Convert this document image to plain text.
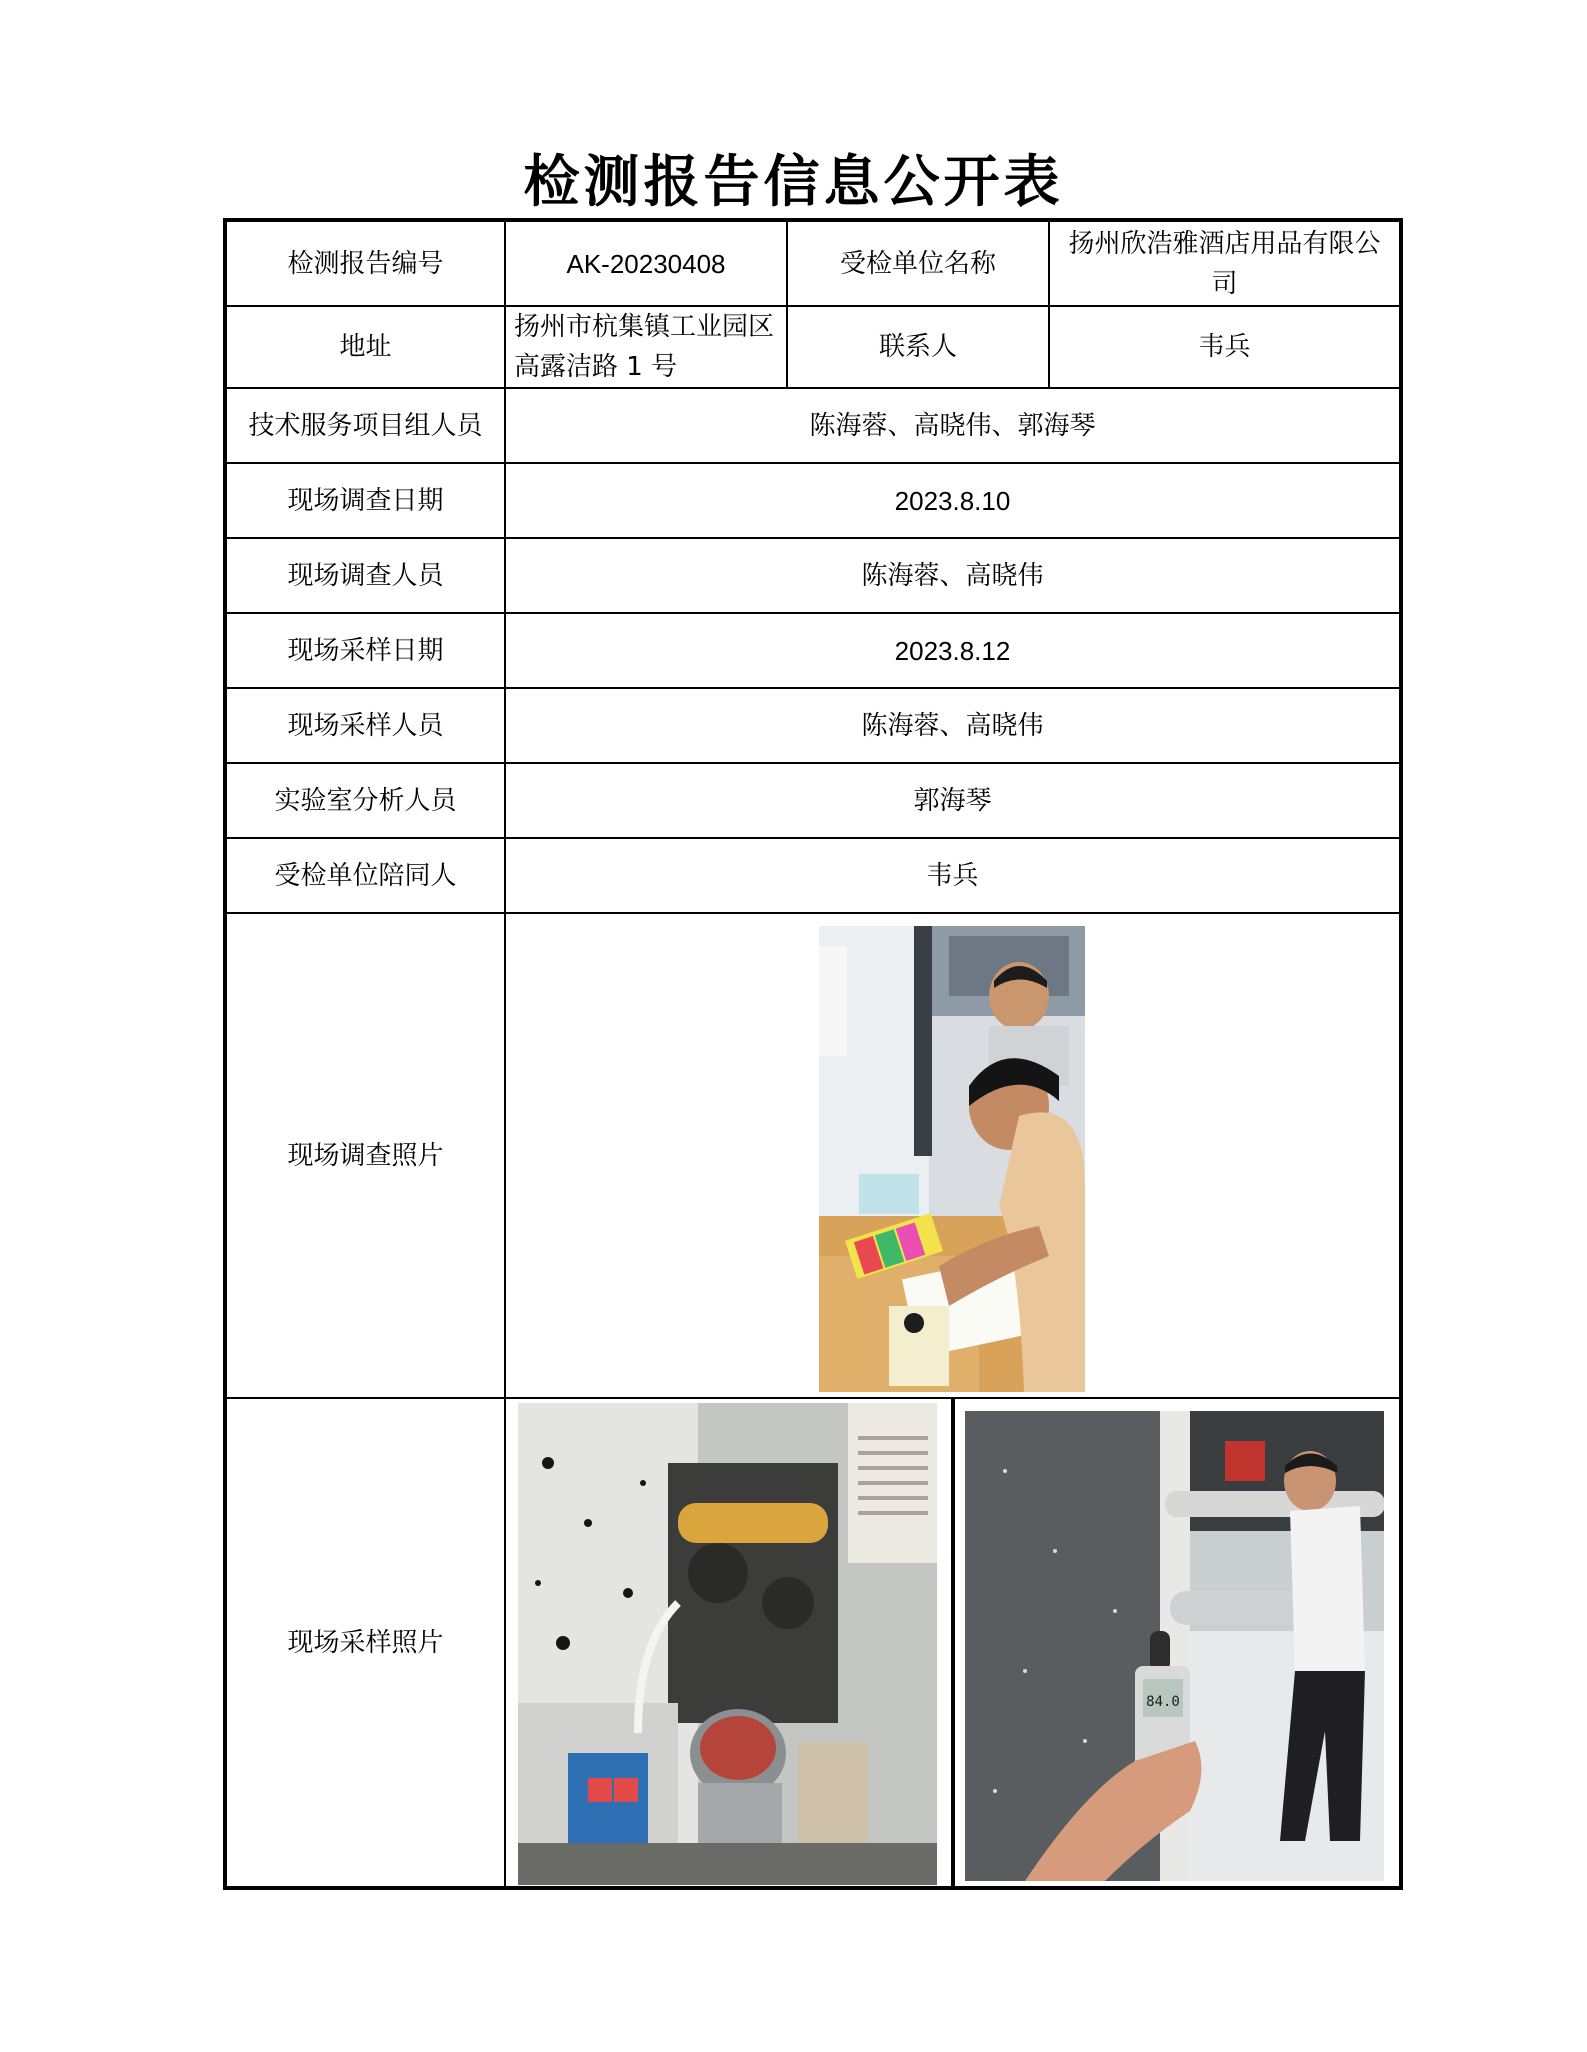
检测报告信息公开表
检测报告编号	AK-20230408	受检单位名称	扬州欣浩雅酒店用品有限公司
地址	扬州市杭集镇工业园区高露洁路 1 号	联系人	韦兵
技术服务项目组人员	陈海蓉、高晓伟、郭海琴		
现场调查日期	2023.8.10		
现场调查人员	陈海蓉、高晓伟		
现场采样日期	2023.8.12		
现场采样人员	陈海蓉、高晓伟		
实验室分析人员	郭海琴		
受检单位陪同人	韦兵		
现场调查照片	

现场采样照片	84.0		
